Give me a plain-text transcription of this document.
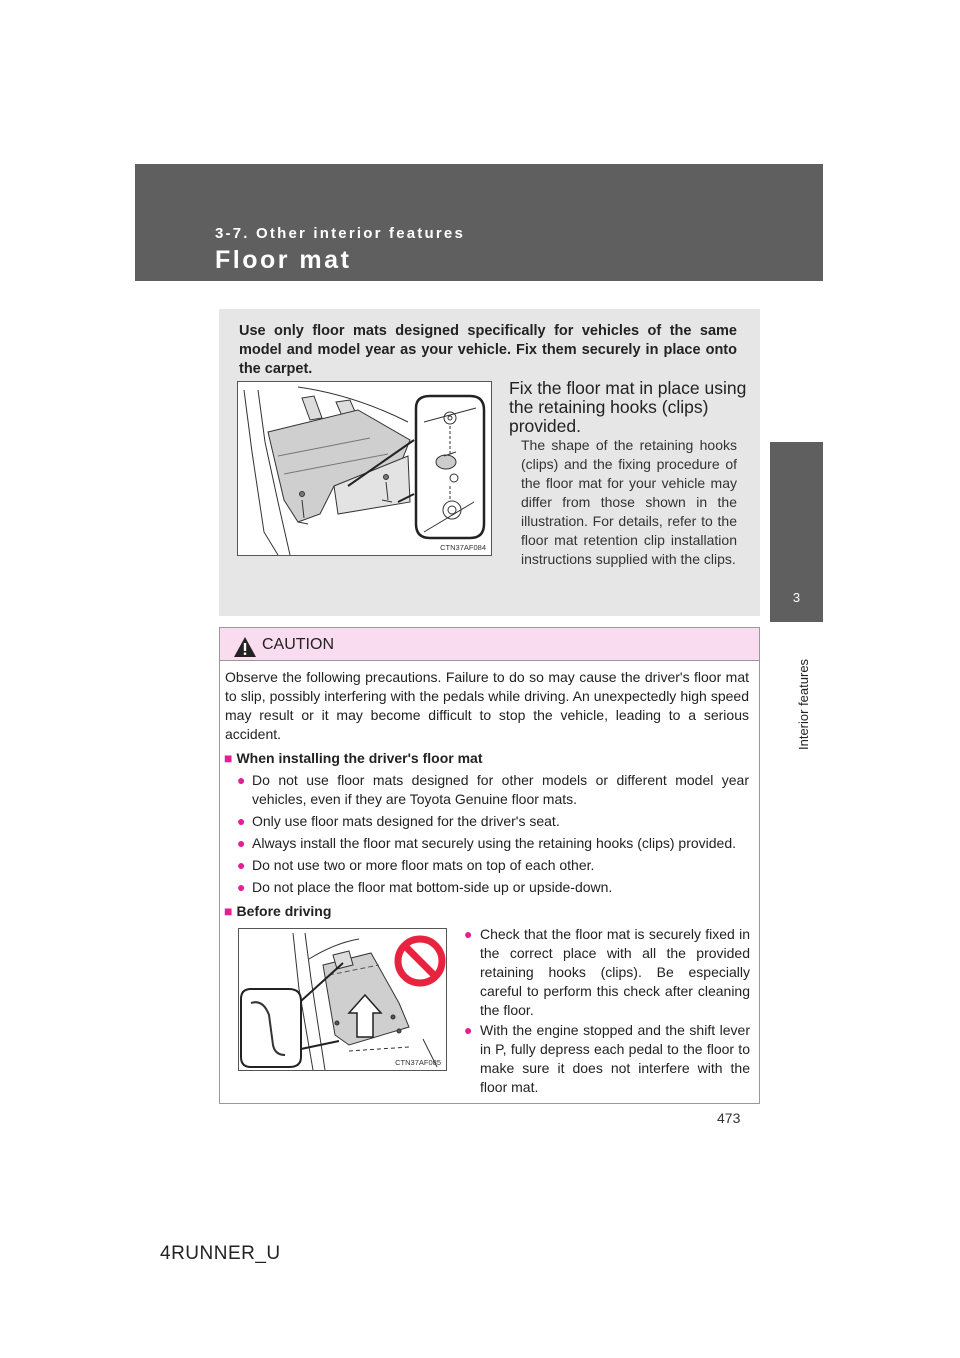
3-7. Other interior features
Floor mat
3
Interior features
Use only floor mats designed specifically for vehicles of the same model and model year as your vehicle. Fix them securely in place onto the carpet.
CTN37AF084
Fix the floor mat in place using the retaining hooks (clips) provided.
The shape of the retaining hooks (clips) and the fixing procedure of the floor mat for your vehicle may differ from those shown in the illustration. For details, refer to the floor mat retention clip installation instructions supplied with the clips.
CAUTION

Observe the following precautions. Failure to do so may cause the driver's floor mat to slip, possibly interfering with the pedals while driving. An unexpectedly high speed may result or it may become difficult to stop the vehicle, leading to a serious accident.

■ When installing the driver's floor mat
● Do not use floor mats designed for other models or different model year vehicles, even if they are Toyota Genuine floor mats.
● Only use floor mats designed for the driver's seat.
● Always install the floor mat securely using the retaining hooks (clips) provided.
● Do not use two or more floor mats on top of each other.
● Do not place the floor mat bottom-side up or upside-down.
■ Before driving
CTN37AF085
● Check that the floor mat is securely fixed in the correct place with all the provided retaining hooks (clips). Be especially careful to perform this check after cleaning the floor.
● With the engine stopped and the shift lever in P, fully depress each pedal to the floor to make sure it does not interfere with the floor mat.
473
4RUNNER_U
